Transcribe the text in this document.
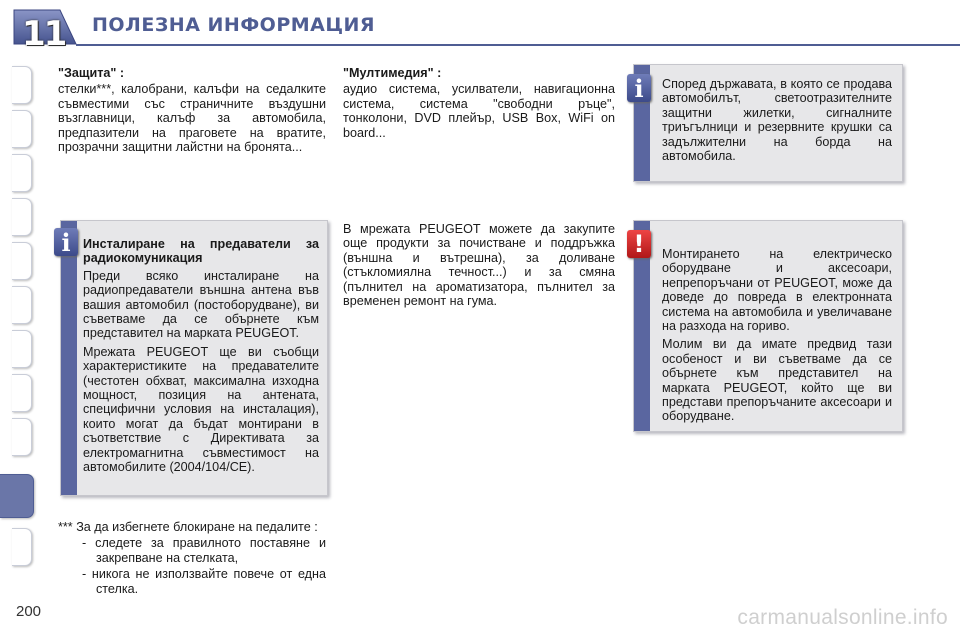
11 ПОЛЕЗНА ИНФОРМАЦИЯ
"Защита" :

стелки***, калобрани, калъфи на седалките съвместими със страничните въздушни възглавници, калъф за автомобила, предпазители на праговете на вратите, прозрачни защитни лайстни на бронята...

"Мултимедия" :

аудио система, усилватели, навигационна система, система "свободни ръце", тонколони, DVD плейър, USB Box, WiFi on board...

В мрежата PEUGEOT можете да закупите още продукти за почистване и поддръжка (външна и вътрешна), за доливане (стъкломиялна течност...) и за смяна (пълнител на ароматизатора, пълнител за временен ремонт на гума.

Според държавата, в която се продава автомобилът, светоотразителните защитни жилетки, сигналните триъгълници и резервните крушки са задължителни на борда на автомобила.

i
Инсталиране на предаватели за радиокомуникация

Преди всяко инсталиране на радиопредаватели външна антена във вашия автомобил (постоборудване), ви съветваме да се обърнете към представител на марката PEUGEOT.

Мрежата PEUGEOT ще ви съобщи характеристиките на предавателите (честотен обхват, максимална изходна мощност, позиция на антената, специфични условия на инсталация), които могат да бъдат монтирани в съответствие с Директивата за електромагнитна съвместимост на автомобилите (2004/104/CE).

i	Монтирането на електрическо оборудване и аксесоари, непрепоръчани от PEUGEOT, може да доведе до повреда в електронната система на автомобила и увеличаване на разхода на гориво.

Молим ви да имате предвид тази особеност и ви съветваме да се обърнете към представител на марката PEUGEOT, който ще ви представи препоръчаните аксесоари и оборудване.

!
*** За да избегнете блокиране на педалите :
- следете за правилното поставяне и закрепване на стелката,
- никога не използвайте повече от една стелка.
200	carmanualsonline.info
